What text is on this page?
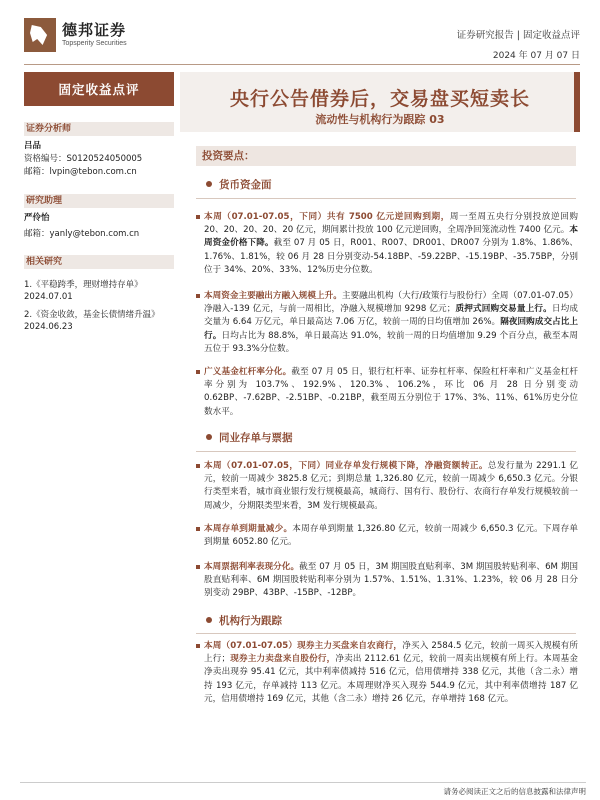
德邦证券
Topsperity Securities
证券研究报告 | 固定收益点评
2024 年 07 月 07 日
固定收益点评
证券分析师
吕品
资格编号：S0120524050005
邮箱：lvpin@tebon.com.cn
研究助理
严伶怡
邮箱：yanly@tebon.com.cn
相关研究
1.《平稳跨季，理财增持存单》
2024.07.01
2.《资金收敛，基金长债情绪升温》
2024.06.23
央行公告借券后，交易盘买短卖长
流动性与机构行为跟踪 03
投资要点：
货币资金面
本周（07.01-07.05，下同）共有 7500 亿元逆回购到期，周一至周五央行分别投放逆回购 20、20、20、20、20 亿元，期间累计投放 100 亿元逆回购，全周净回笼流动性 7400 亿元。本周资金价格下降。截至 07 月 05 日，R001、R007、DR001、DR007 分别为 1.8%、1.86%、1.76%、1.81%，较 06 月 28 日分别变动-54.18BP、-59.22BP、-15.19BP、-35.75BP，分别位于 34%、20%、33%、12%历史分位数。
本周资金主要融出方融入规模上升。主要融出机构（大行/政策行与股份行）全周（07.01-07.05）净融入-139 亿元，与前一周相比，净融入规模增加 9298 亿元；质押式回购交易量上行。日均成交量为 6.64 万亿元，单日最高达 7.06 万亿，较前一周的日均值增加 26%。隔夜回购成交占比上行。日均占比为 88.8%，单日最高达 91.0%，较前一周的日均值增加 9.29 个百分点，截至本周五位于 93.3%分位数。
广义基金杠杆率分化。截至 07 月 05 日，银行杠杆率、证券杠杆率、保险杠杆率和广义基金杠杆率分别为 103.7%、192.9%、120.3%、106.2%，环比 06 月 28 日分别变动 0.62BP、-7.62BP、-2.51BP、-0.21BP，截至周五分别位于 17%、3%、11%、61%历史分位数水平。
同业存单与票据
本周（07.01-07.05，下同）同业存单发行规模下降，净融资额转正。总发行量为 2291.1 亿元，较前一周减少 3825.8 亿元；到期总量 1,326.80 亿元，较前一周减少 6,650.3 亿元。分银行类型来看，城市商业银行发行规模最高，城商行、国有行、股份行、农商行存单发行规模较前一周减少，分期限类型来看，3M 发行规模最高。
本周存单到期量减少。本周存单到期量 1,326.80 亿元，较前一周减少 6,650.3 亿元。下周存单到期量 6052.80 亿元。
本周票据利率表现分化。截至 07 月 05 日，3M 期国股直贴利率、3M 期国股转贴利率、6M 期国股直贴利率、6M 期国股转贴利率分别为 1.57%、1.51%、1.31%、1.23%，较 06 月 28 日分别变动 29BP、43BP、-15BP、-12BP。
机构行为跟踪
本周（07.01-07.05）现券主力买盘来自农商行，净买入 2584.5 亿元，较前一周买入规模有所上行；现券主力卖盘来自股份行，净卖出 2112.61 亿元，较前一周卖出规模有所上行。本周基金净卖出现券 95.41 亿元，其中利率债减持 516 亿元，信用债增持 338 亿元，其他（含二永）增持 193 亿元，存单减持 113 亿元。本周理财净买入现券 544.9 亿元，其中利率债增持 187 亿元，信用债增持 169 亿元，其他（含二永）增持 26 亿元，存单增持 168 亿元。
请务必阅读正文之后的信息披露和法律声明
